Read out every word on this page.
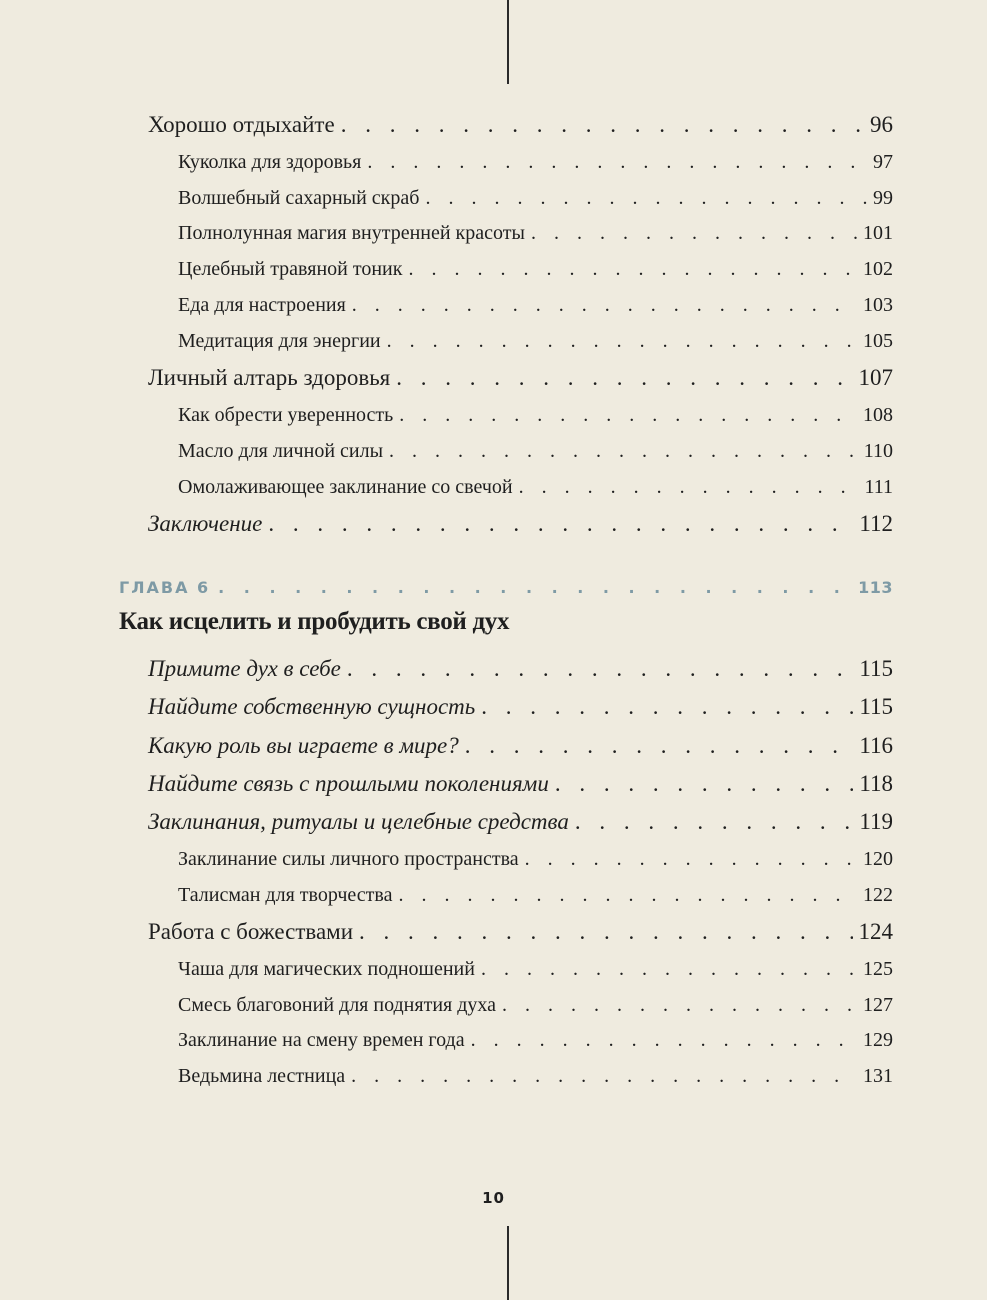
Хорошо отдыхайте . . .	96
Куколка для здоровья . . .	97
Волшебный сахарный скраб . . .	99
Полнолунная магия внутренней красоты . . .	101
Целебный травяной тоник . . .	102
Еда для настроения . . .	103
Медитация для энергии . . .	105
Личный алтарь здоровья . . .	107
Как обрести уверенность . . .	108
Масло для личной силы . . .	110
Омолаживающее заклинание со свечой . . .	111
Заключение . . .	112
ГЛАВА 6 . . .	113
Как исцелить и пробудить свой дух
Примите дух в себе . . .	115
Найдите собственную сущность . . .	115
Какую роль вы играете в мире? . . .	116
Найдите связь с прошлыми поколениями . . .	118
Заклинания, ритуалы и целебные средства . . .	119
Заклинание силы личного пространства . . .	120
Талисман для творчества . . .	122
Работа с божествами . . .	124
Чаша для магических подношений . . .	125
Смесь благовоний для поднятия духа . . .	127
Заклинание на смену времен года . . .	129
Ведьмина лестница . . .	131
10
